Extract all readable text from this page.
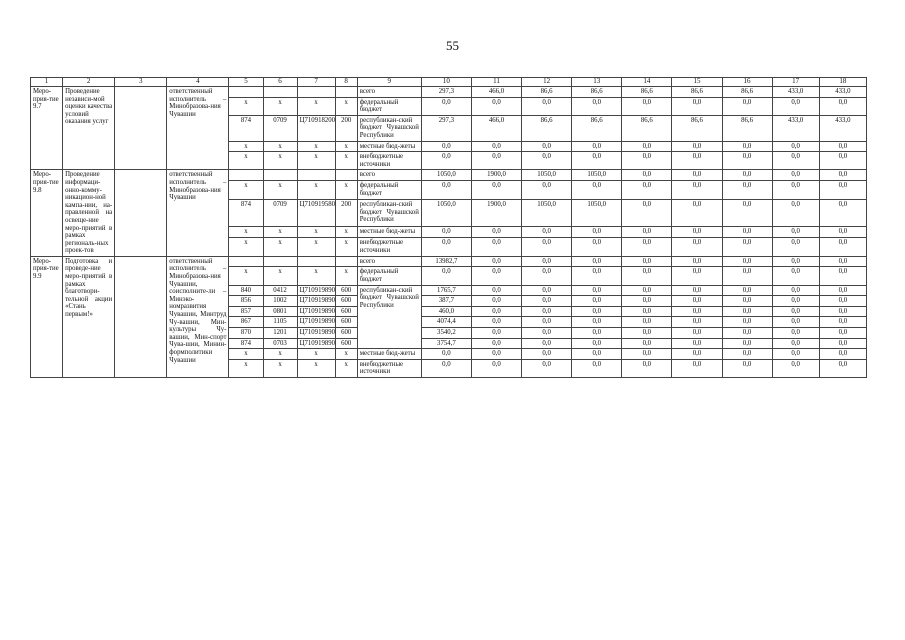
55
1	2	3	4	5	6	7	8	9	10	11	12	13	14	15	16	17	18
Меро-прия-тие 9.7	Проведение независи-мой оценки качества условий оказания услуг		ответственный исполнитель – Минобразова-ния Чувашии					всего	297,3	466,0	86,6	86,6	86,6	86,6	86,6	433,0	433,0
				x	x	x	x	федеральный бюджет	0,0	0,0	0,0	0,0	0,0	0,0	0,0	0,0	0,0
				874	0709	Ц710918200	200	республикан-ский бюджет Чувашской Республики	297,3	466,0	86,6	86,6	86,6	86,6	86,6	433,0	433,0
				x	x	x	x	местные бюд-жеты	0,0	0,0	0,0	0,0	0,0	0,0	0,0	0,0	0,0
				x	x	x	x	внебюджетные источники	0,0	0,0	0,0	0,0	0,0	0,0	0,0	0,0	0,0
Меро-прия-тие 9.8	Проведение информаци-онно-комму-никацион-ной кампа-нии, на-правленной на освеще-ние меро-приятий в рамках региональ-ных проек-тов		ответственный исполнитель – Минобразова-ния Чувашии					всего	1050,0	1900,0	1050,0	1050,0	0,0	0,0	0,0	0,0	0,0
				x	x	x	x	федеральный бюджет	0,0	0,0	0,0	0,0	0,0	0,0	0,0	0,0	0,0
				874	0709	Ц710919580	200	республикан-ский бюджет Чувашской Республики	1050,0	1900,0	1050,0	1050,0	0,0	0,0	0,0	0,0	0,0
				x	x	x	x	местные бюд-жеты	0,0	0,0	0,0	0,0	0,0	0,0	0,0	0,0	0,0
				x	x	x	x	внебюджетные источники	0,0	0,0	0,0	0,0	0,0	0,0	0,0	0,0	0,0
Меро-прия-тие 9.9	Подготовка и проведе-ние меро-приятий в рамках благотвори-тельной акции «Стань первым!»		ответственный исполнитель – Минобразова-ния Чувашии, соисполните-ли – Минэко-номразвития Чувашии, Минтруд Чу-вашии, Мин-культуры Чу-вашии, Мин-спорт Чува-шии, Минин-формполитики Чувашии					всего	13982,7	0,0	0,0	0,0	0,0	0,0	0,0	0,0	0,0
				x	x	x	x	федеральный бюджет	0,0	0,0	0,0	0,0	0,0	0,0	0,0	0,0	0,0
				840	0412	Ц710919890	600	республикан-ский бюджет Чувашской Республики	1765,7	0,0	0,0	0,0	0,0	0,0	0,0	0,0	0,0
				856	1002	Ц710919890	600		387,7	0,0	0,0	0,0	0,0	0,0	0,0	0,0	0,0
				857	0801	Ц710919890	600		460,0	0,0	0,0	0,0	0,0	0,0	0,0	0,0	0,0
				867	1105	Ц710919890	600		4074,4	0,0	0,0	0,0	0,0	0,0	0,0	0,0	0,0
				870	1201	Ц710919890	600		3540,2	0,0	0,0	0,0	0,0	0,0	0,0	0,0	0,0
				874	0703	Ц710919890	600		3754,7	0,0	0,0	0,0	0,0	0,0	0,0	0,0	0,0
				x	x	x	x	местные бюд-жеты	0,0	0,0	0,0	0,0	0,0	0,0	0,0	0,0	0,0
				x	x	x	x	внебюджетные источники	0,0	0,0	0,0	0,0	0,0	0,0	0,0	0,0	0,0
